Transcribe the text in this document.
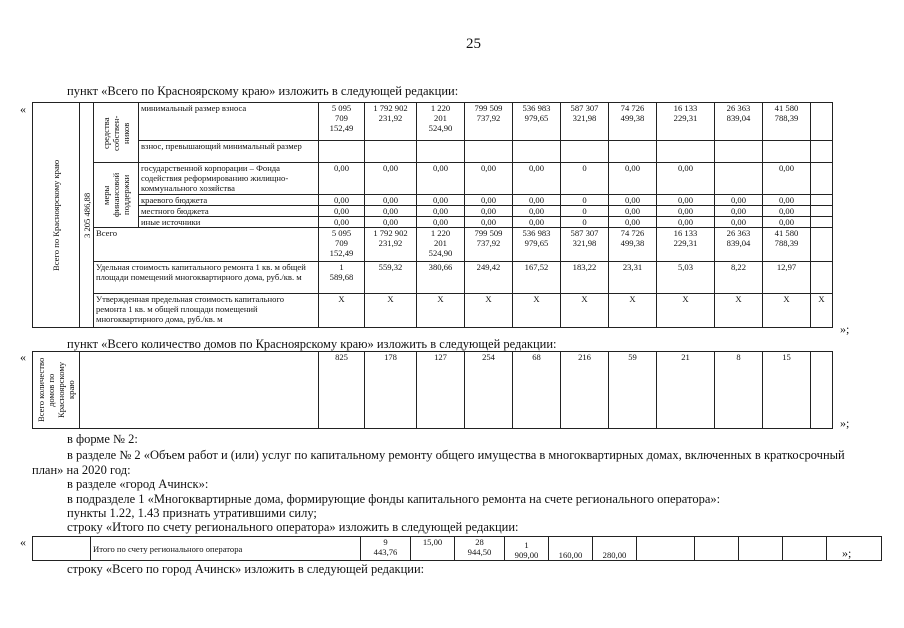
25
пункт «Всего по Красноярскому краю» изложить в следующей редакции:
«
»;
Всего по Красноярскому краю	3 205 486,88	средства собствен-ников	минимальный размер взноса	5 095
709
152,49	1 792 902
231,92	1 220
201
524,90	799 509
737,92	536 983
979,65	587 307
321,98	74 726
499,38	16 133
229,31	26 363
839,04	41 580
788,39	
			взнос, превышающий минимальный размер											

		меры финансовой поддержки	государственной корпорации – Фонда содействия реформированию жилищно-коммунального хозяйства	0,00	0,00	0,00	0,00	0,00	0	0,00	0,00		0,00	
			краевого бюджета	0,00	0,00	0,00	0,00	0,00	0	0,00	0,00	0,00	0,00	
			местного бюджета	0,00	0,00	0,00	0,00	0,00	0	0,00	0,00	0,00	0,00	
			иные источники	0,00	0,00	0,00	0,00	0,00	0	0,00	0,00	0,00	0,00	
		Всего		5 095
709
152,49	1 792 902
231,92	1 220
201
524,90	799 509
737,92	536 983
979,65	587 307
321,98	74 726
499,38	16 133
229,31	26 363
839,04	41 580
788,39	
		Удельная стоимость капитального ремонта 1 кв. м общей площади помещений многоквартирного дома, руб./кв. м		1
589,68	559,32	380,66	249,42	167,52	183,22	23,31	5,03	8,22	12,97	
		Утвержденная предельная стоимость капитального ремонта 1 кв. м общей площади помещений многоквартирного дома, руб./кв. м		X	X	X	X	X	X	X	X	X	X	X
пункт «Всего количество домов по Красноярскому краю» изложить в следующей редакции:
«
»;
Всего количество домов по Красноярскому краю
		825	178	127	254	68	216	59	21	8	15	
в форме № 2:
в разделе № 2 «Объем работ и (или) услуг по капитальному ремонту общего имущества в многоквартирных домах, включенных в краткосрочный
план» на 2020 год:
в разделе «город Ачинск»:
в подразделе 1 «Многоквартирные дома, формирующие фонды капитального ремонта на счете регионального оператора»:
пункты 1.22, 1.43 признать утратившими силу;
строку «Итого по счету регионального оператора» изложить в следующей редакции:
«
»;
	Итого по счету регионального оператора	9
443,76	15,00	28
944,50	1
909,00	160,00	280,00					
строку «Всего по город Ачинск» изложить в следующей редакции:
